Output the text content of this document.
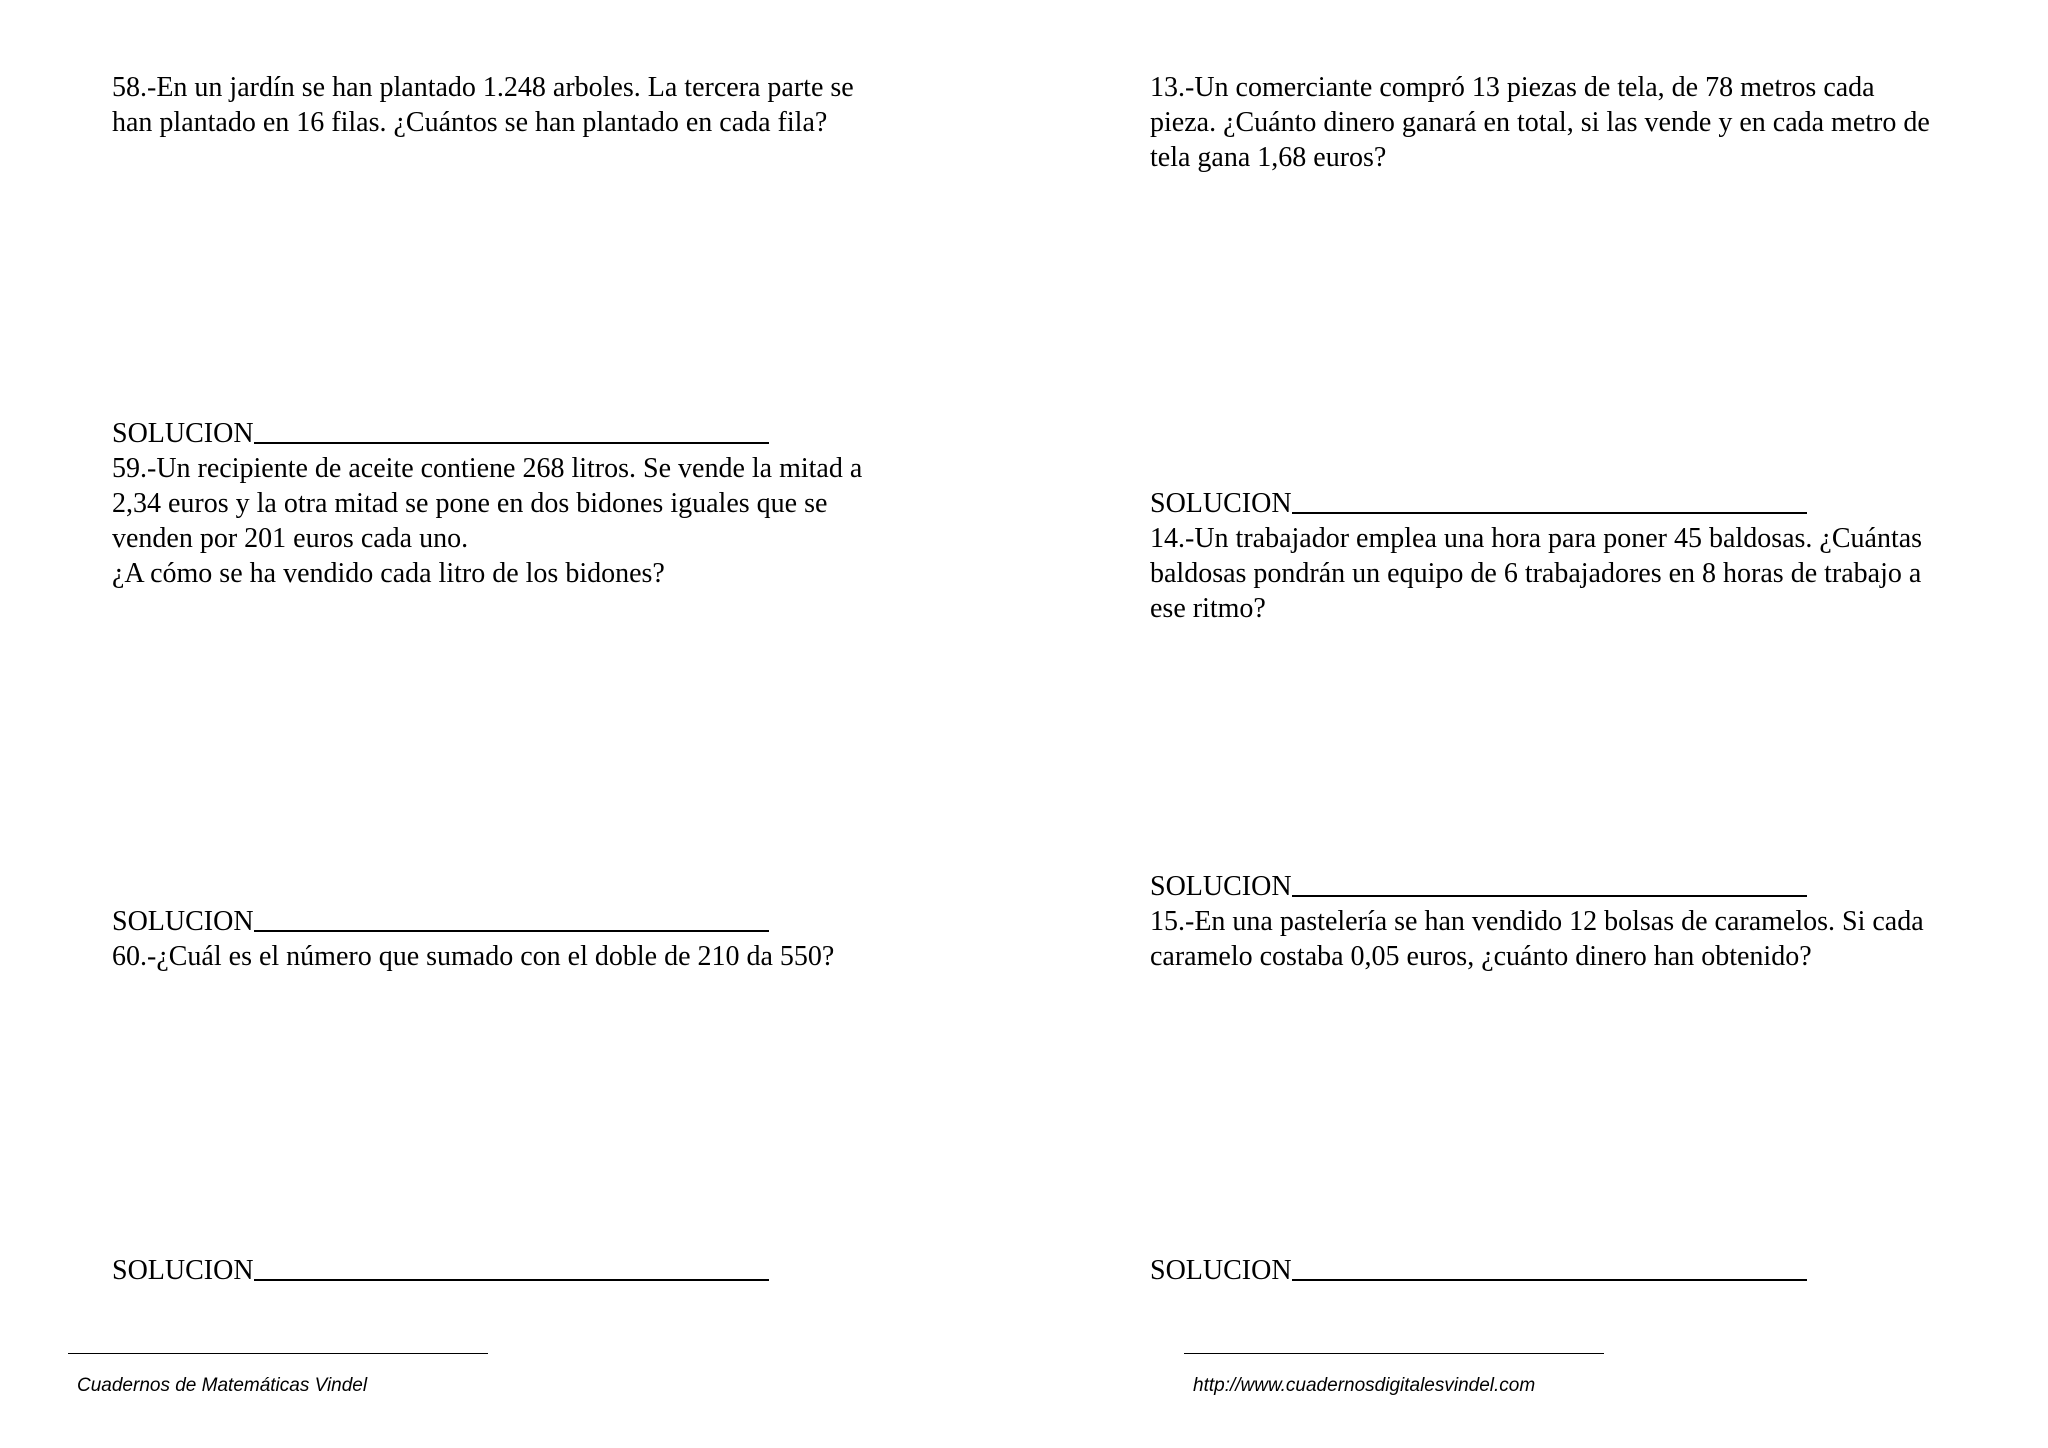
58.-En un jardín se han plantado 1.248 arboles. La tercera parte se
han plantado en 16 filas. ¿Cuántos se han plantado en cada fila?

SOLUCION

59.-Un recipiente de aceite contiene 268 litros. Se vende la mitad a
2,34 euros y la otra mitad se pone en dos bidones iguales que se
venden por 201 euros cada uno.
¿A cómo se ha vendido cada litro de los bidones?

SOLUCION

60.-¿Cuál es el número que sumado con el doble de 210 da 550?

SOLUCION

13.-Un comerciante compró 13 piezas de tela, de 78 metros cada
pieza. ¿Cuánto dinero ganará en total, si las vende y en cada metro de
tela gana 1,68 euros?

SOLUCION

14.-Un trabajador emplea una hora para poner 45 baldosas. ¿Cuántas
baldosas pondrán un equipo de 6 trabajadores en 8 horas de trabajo a
ese ritmo?

SOLUCION

15.-En una pastelería se han vendido 12 bolsas de caramelos. Si cada
caramelo costaba 0,05 euros, ¿cuánto dinero han obtenido?

SOLUCION
Cuadernos de Matemáticas Vindel	http://www.cuadernosdigitalesvindel.com
